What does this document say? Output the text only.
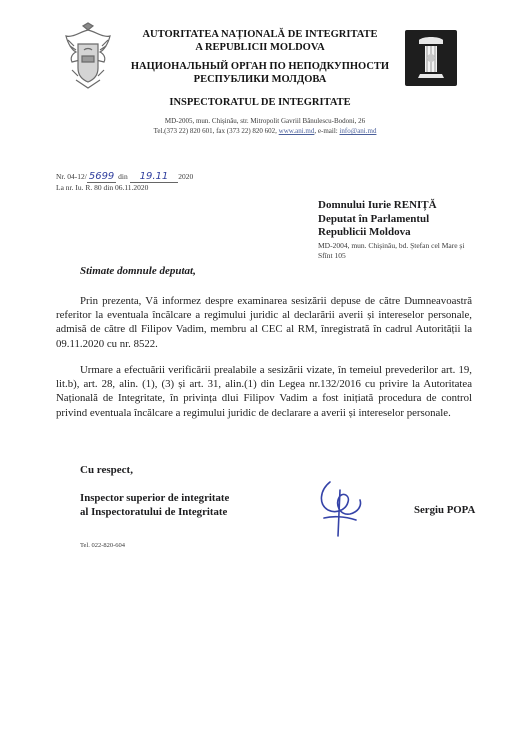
AUTORITATEA NAȚIONALĂ DE INTEGRITATE
A REPUBLICII MOLDOVA
НАЦИОНАЛЬНЫЙ ОРГАН ПО НЕПОДКУПНОСТИ
РЕСПУБЛИКИ МОЛДОВА
INSPECTORATUL DE INTEGRITATE
MD-2005, mun. Chișinău, str. Mitropolit Gavriil Bănulescu-Bodoni, 26
Tel.(373 22) 820 601, fax (373 22) 820 602, www.ani.md, e-mail: info@ani.md
Nr. 04-12/ 5699 din 19.11 2020
La nr. Iu. R. 80 din 06.11.2020
Domnului Iurie RENIȚĂ
Deputat în Parlamentul
Republicii Moldova
MD-2004, mun. Chișinău, bd. Ștefan cel Mare și
Sfînt 105
Stimate domnule deputat,
Prin prezenta, Vă informez despre examinarea sesizării depuse de către Dumneavoastră referitor la eventuala încălcare a regimului juridic al declarării averii și intereselor personale, admisă de către dl Filipov Vadim, membru al CEC al RM, înregistrată în cadrul Autorității la 09.11.2020 cu nr. 8522.
Urmare a efectuării verificării prealabile a sesizării vizate, în temeiul prevederilor art. 19, lit.b), art. 28, alin. (1), (3) și art. 31, alin.(1) din Legea nr.132/2016 cu privire la Autoritatea Națională de Integritate, în privința dlui Filipov Vadim a fost inițiată procedura de control privind eventuala încălcare a regimului juridic de declarare a averii și intereselor personale.
Cu respect,
Inspector superior de integritate
al Inspectoratului de Integritate	Sergiu POPA
Tel. 022-820-604
